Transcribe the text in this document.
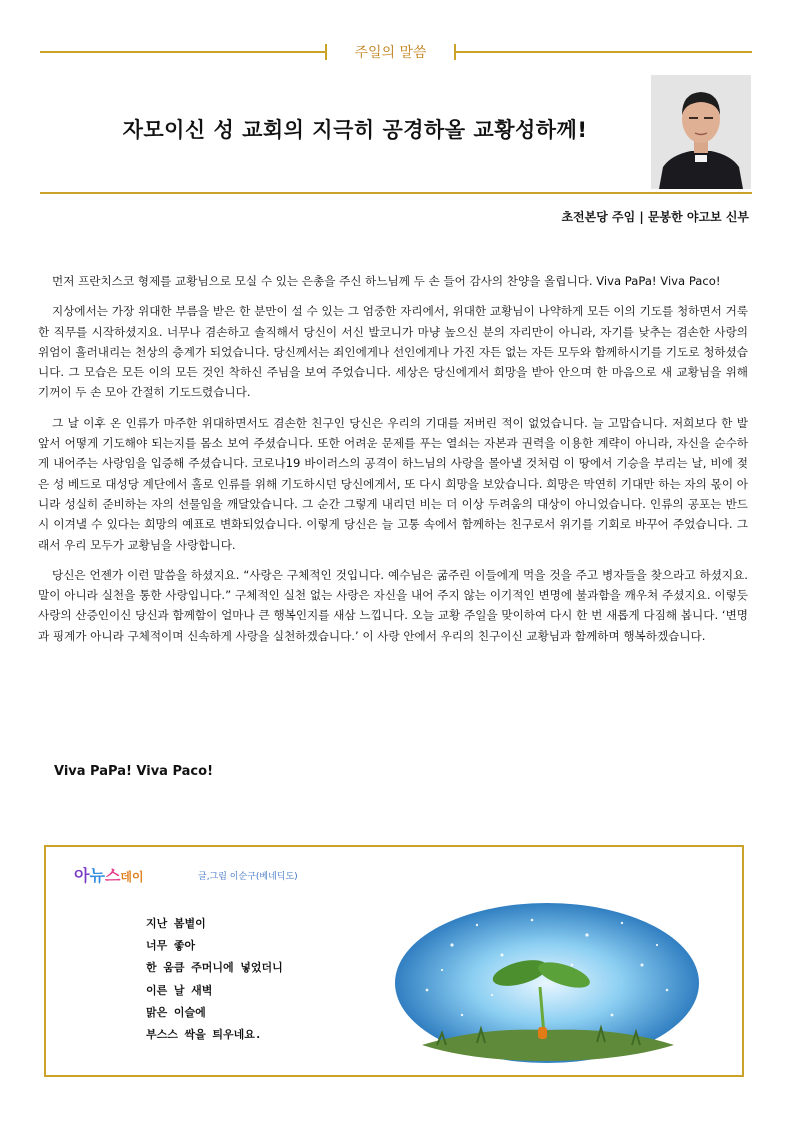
주일의 말씀
자모이신 성 교회의 지극히 공경하올 교황성하께!
초전본당 주임 | 문봉한 야고보 신부

먼저 프란치스코 형제를 교황님으로 모실 수 있는 은총을 주신 하느님께 두 손 들어 감사의 찬양을 올립니다. Viva PaPa! Viva Paco!

지상에서는 가장 위대한 부름을 받은 한 분만이 설 수 있는 그 엄중한 자리에서, 위대한 교황님이 나약하게 모든 이의 기도를 청하면서 거룩한 직무를 시작하셨지요. 너무나 겸손하고 솔직해서 당신이 서신 발코니가 마냥 높으신 분의 자리만이 아니라, 자기를 낮추는 겸손한 사랑의 위엄이 흘러내리는 천상의 층계가 되었습니다. 당신께서는 죄인에게나 선인에게나 가진 자든 없는 자든 모두와 함께하시기를 기도로 청하셨습니다. 그 모습은 모든 이의 모든 것인 착하신 주님을 보여 주었습니다. 세상은 당신에게서 희망을 받아 안으며 한 마음으로 새 교황님을 위해 기꺼이 두 손 모아 간절히 기도드렸습니다.

그 날 이후 온 인류가 마주한 위대하면서도 겸손한 친구인 당신은 우리의 기대를 저버린 적이 없었습니다. 늘 고맙습니다. 저희보다 한 발 앞서 어떻게 기도해야 되는지를 몸소 보여 주셨습니다. 또한 어려운 문제를 푸는 열쇠는 자본과 권력을 이용한 계략이 아니라, 자신을 순수하게 내어주는 사랑임을 입증해 주셨습니다. 코로나19 바이러스의 공격이 하느님의 사랑을 몰아낼 것처럼 이 땅에서 기승을 부리는 날, 비에 젖은 성 베드로 대성당 계단에서 홀로 인류를 위해 기도하시던 당신에게서, 또 다시 희망을 보았습니다. 희망은 막연히 기대만 하는 자의 몫이 아니라 성실히 준비하는 자의 선물임을 깨달았습니다. 그 순간 그렇게 내리던 비는 더 이상 두려움의 대상이 아니었습니다. 인류의 공포는 반드시 이겨낼 수 있다는 희망의 예표로 변화되었습니다. 이렇게 당신은 늘 고통 속에서 함께하는 친구로서 위기를 기회로 바꾸어 주었습니다. 그래서 우리 모두가 교황님을 사랑합니다.

당신은 언젠가 이런 말씀을 하셨지요. “사랑은 구체적인 것입니다. 예수님은 굶주린 이들에게 먹을 것을 주고 병자들을 찾으라고 하셨지요. 말이 아니라 실천을 통한 사랑입니다.” 구체적인 실천 없는 사랑은 자신을 내어 주지 않는 이기적인 변명에 불과함을 깨우쳐 주셨지요. 이렇듯 사랑의 산증인이신 당신과 함께함이 얼마나 큰 행복인지를 새삼 느낍니다. 오늘 교황 주일을 맞이하여 다시 한 번 새롭게 다짐해 봅니다. ‘변명과 핑계가 아니라 구체적이며 신속하게 사랑을 실천하겠습니다.’ 이 사랑 안에서 우리의 친구이신 교황님과 함께하며 행복하겠습니다.

Viva PaPa! Viva Paco!
아뉴스데이	글,그림 이순구(베네딕도)
지난 봄볕이
너무 좋아
한 움큼 주머니에 넣었더니
이른 날 새벽
맑은 이슬에
부스스 싹을 틔우네요.
